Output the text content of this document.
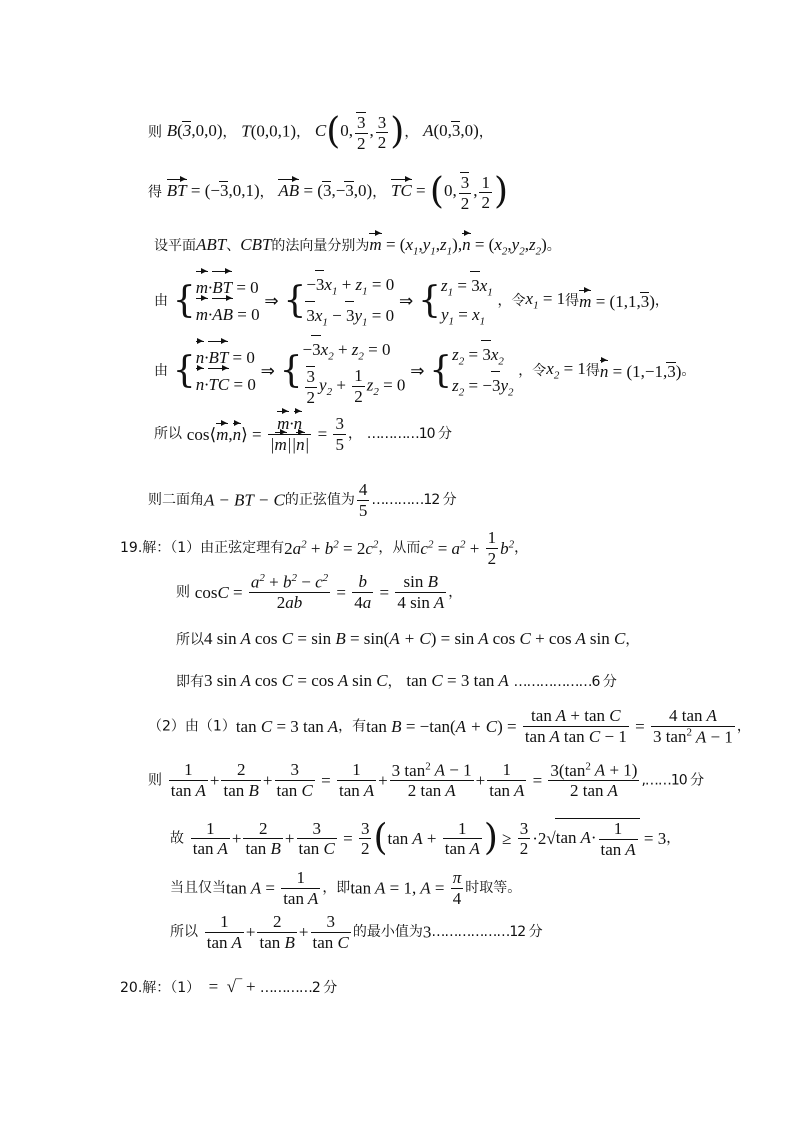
则 B(3,0,0)， T(0,0,1)， C(0, $\frac{3}{2}$ , $\frac{3}{2}$ )， A(0,3,0)，
得 BT = (−3,0,1)， AB = (3,−3,0)， TC = (0, $\frac{3}{2}$ , $\frac{1}{2}$ )
设平面ABT、CBT的法向量分别为$m = (x_1,y_1,z_1),n = (x_2,y_2,z_2)$。
由 { m·BT = 0
m·AB = 0
⇒ { $-3x_1 + z_1 = 0$
$3x_1 - 3y_1 = 0$
⇒ { $z_1 = 3x_1$
$y_1 = x_1$
，令$x_1 = 1$得m = (1,1,3)，
由 { n·BT = 0
n·TC = 0
⇒ {
$-3x_2 + z_2 = 0$
$\frac{3}{2} y_2 + \frac{1}{2} z_2 = 0$
⇒ { $z_2 = 3x_2$
$z_2 = -3y_2$
，令$x_2 = 1$得n = (1,−1,3)。
所以 cos⟨m,n⟩ = $\frac{m\cdot n}{|m||n|} = \frac{3}{5}$ ， …………10 分
则二面角A − BT − C的正弦值为 $\frac{4}{5}$ …………12 分
19.解：（1）由正弦定理有$2a^2 + b^2 = 2c^2$，从而$c^2 = a^2 + \frac{1}{2} b^2$，
则 $\cos C = \frac{a^2 + b^2 - c^2}{2ab} = \frac{b}{4a} = \frac{\text{sin B}}{\text{4 sin A}}$ ，
所以4 sin A cos C = sin B = sin(A + C) = sin A cos C + cos A sin C，
即有3 sin A cos C = cos A sin C， tan C = 3 tan A ………………6 分
（2）由（1）tan C = 3 tan A，有$\tan B = -\tan(A + C) = \frac{\text{tan A + tan C}}{\text{tan A tan C − 1}} = \frac{\text{4 tan A}}{3 \tan^2 A - 1}$ ，
则 $\frac{1}{\text{tan A}} + \frac{2}{\text{tan B}} + \frac{3}{\text{tan C}} = \frac{1}{\text{tan A}} + \frac{3 \tan^2 A - 1}{\text{2 tan A}} + \frac{1}{\text{tan A}} = \frac{3(\tan^2 A + 1)}{\text{2 tan A}}$ ,……10 分
故 $\frac{1}{\text{tan A}} + \frac{2}{\text{tan B}} + \frac{3}{\text{tan C}} = \frac{3}{2} (\tan$ $A + \frac{1}{\text{tan A}}$ ) ≥ $\frac{3}{2} \cdot 2√\tan$ $A\cdot \frac{1}{\text{tan A}} = 3$，
当且仅当$\tan A = \frac{1}{\text{tan A}}$ ，即tan A = 1, $A = \frac{\pi}{4}$ 时取等。
所以 $\frac{1}{\text{tan A}} + \frac{2}{\text{tan B}} + \frac{3}{\text{tan C}}$ 的最小值为3………………12 分
20.解：（1）  =  √‾ + …………2 分
